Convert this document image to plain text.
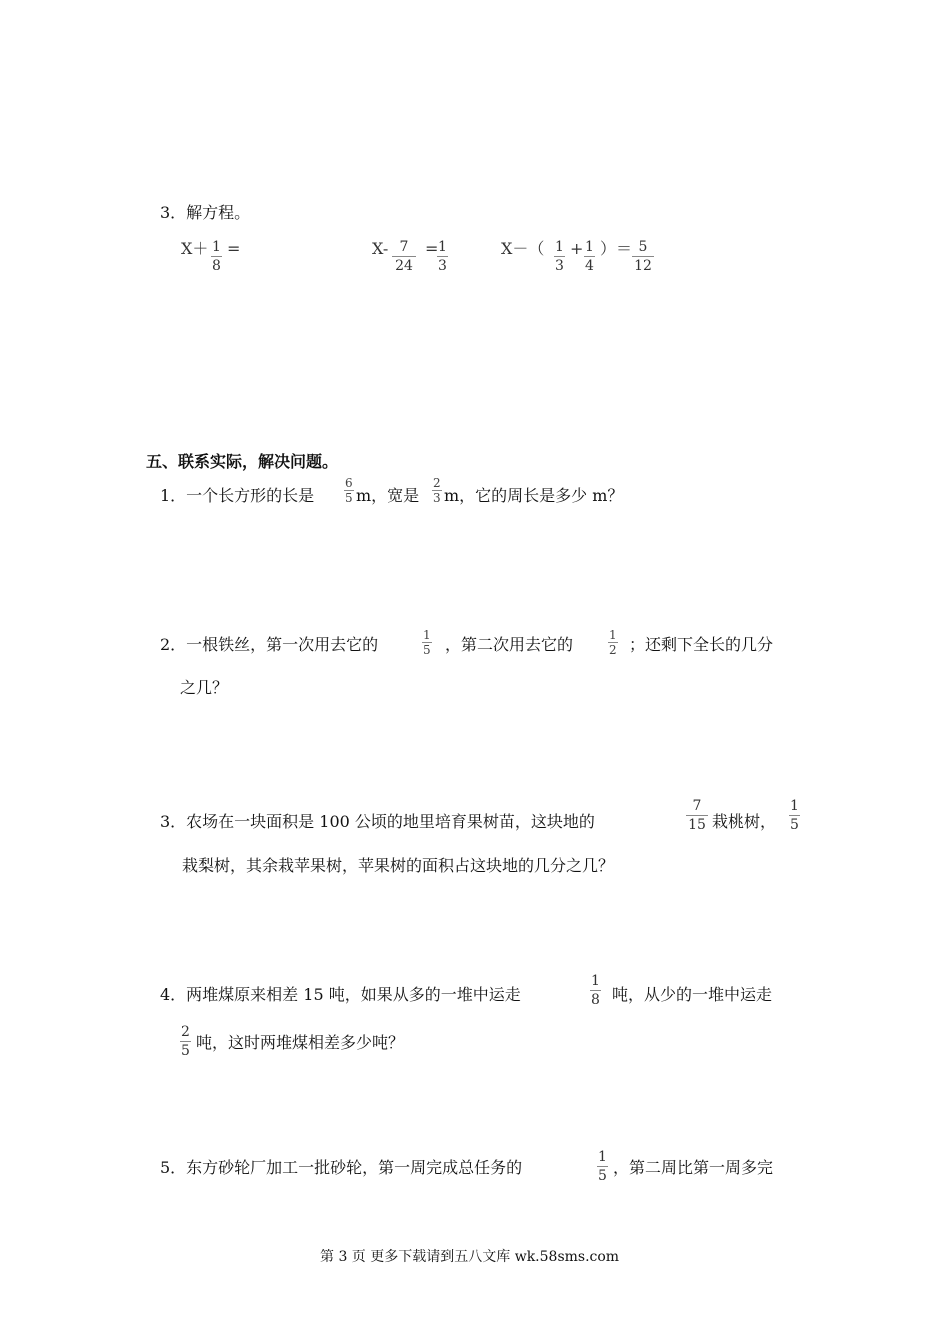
3．解方程。
$X+ \frac{1}{8}$ =	$X- \frac{7}{24}$ =
$\frac{1}{3}$	$X-( \frac{1}{3} + \frac{1}{4}$ ）＝ $\frac{5}{12}$
五、联系实际，解决问题。
1．一个长方形的长是 $\frac{6}{5}$ m，宽是 $\frac{2}{3}$ m，它的周长是多少 m？
2．一根铁丝，第一次用去它的	$\frac{1}{5}$ ，第二次用去它的	$\frac{1}{2}$ ；还剩下全长的几分
之几？
3．农场在一块面积是 100 公顷的地里培育果树苗，这块地的	$\frac{7}{15}$ 栽桃树， $\frac{1}{5}$
栽梨树，其余栽苹果树，苹果树的面积占这块地的几分之几？
4．两堆煤原来相差 15 吨，如果从多的一堆中运走	$\frac{1}{8}$ 吨，从少的一堆中运走
$\frac{2}{5}$ 吨，这时两堆煤相差多少吨？
5．东方砂轮厂加工一批砂轮，第一周完成总任务的	$\frac{1}{5}$ ，第二周比第一周多完
第 3 页 更多下载请到五八文库 wk.58sms.com
